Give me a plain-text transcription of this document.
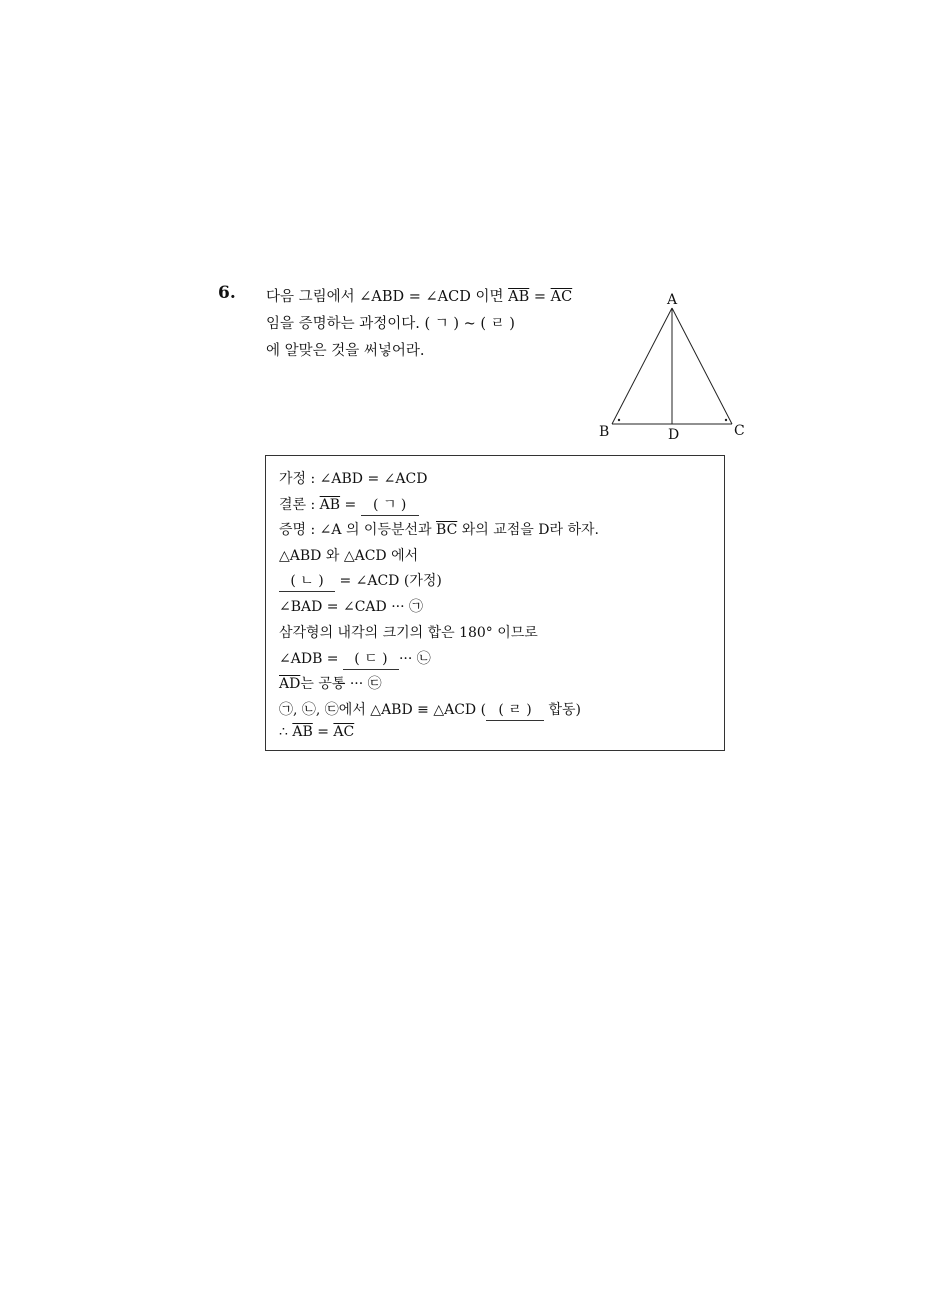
6. 다음 그림에서 ∠ABD = ∠ACD 이면 $\overline{AB} = \overline{AC}$
임을 증명하는 과정이다. ( ㄱ ) ~ ( ㄹ )
에 알맞은 것을 써넣어라.
A
B	C
D
가정 : ∠ABD = ∠ACD
결론 : $\overline{AB}$ = ( ㄱ )
증명 : ∠A 의 이등분선과 $\overline{BC}$ 와의 교점을 D라 하자.
△ABD 와 △ACD 에서
( ㄴ ) = ∠ACD (가정)
∠BAD = ∠CAD ··· ㉠
삼각형의 내각의 크기의 합은 180° 이므로
∠ADB = ( ㄷ ) ··· ㉡
$\overline{AD}$는 공통 ··· ㉢
㉠, ㉡, ㉢에서 △ABD ≡ △ACD ( ( ㄹ ) 합동)
∴ $\overline{AB} = \overline{AC}$
